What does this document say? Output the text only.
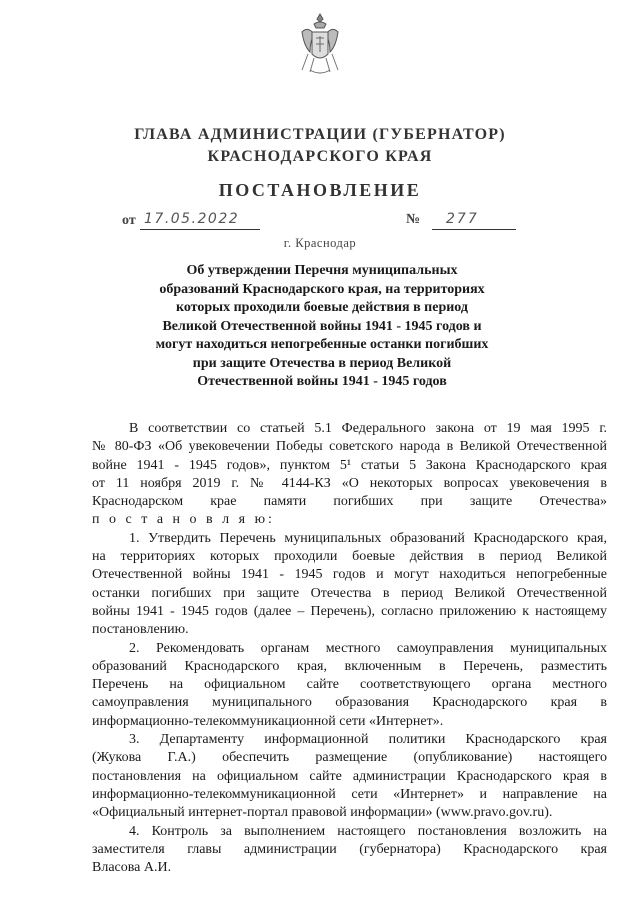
ГЛАВА АДМИНИСТРАЦИИ (ГУБЕРНАТОР)
КРАСНОДАРСКОГО КРАЯ
ПОСТАНОВЛЕНИЕ
от 17.05.2022	№ 277
г. Краснодар
Об утверждении Перечня муниципальных
образований Краснодарского края, на территориях
которых проходили боевые действия в период
Великой Отечественной войны 1941 - 1945 годов и
могут находиться непогребенные останки погибших
при защите Отечества в период Великой
Отечественной войны 1941 - 1945 годов
В соответствии со статьей 5.1 Федерального закона от 19 мая 1995 г.
№ 80-ФЗ «Об увековечении Победы советского народа в Великой Отечественной
войне 1941 - 1945 годов», пунктом 5¹ статьи 5 Закона Краснодарского края
от 11 ноября 2019 г. № 4144-КЗ «О некоторых вопросах увековечения в
Краснодарском крае памяти погибших при защите Отечества»
п о с т а н о в л я ю:
1. Утвердить Перечень муниципальных образований Краснодарского края,
на территориях которых проходили боевые действия в период Великой
Отечественной войны 1941 - 1945 годов и могут находиться непогребенные
останки погибших при защите Отечества в период Великой Отечественной
войны 1941 - 1945 годов (далее – Перечень), согласно приложению к настоящему
постановлению.
2. Рекомендовать органам местного самоуправления муниципальных
образований Краснодарского края, включенным в Перечень, разместить
Перечень на официальном сайте соответствующего органа местного
самоуправления муниципального образования Краснодарского края в
информационно-телекоммуникационной сети «Интернет».
3. Департаменту информационной политики Краснодарского края
(Жукова Г.А.) обеспечить размещение (опубликование) настоящего
постановления на официальном сайте администрации Краснодарского края в
информационно-телекоммуникационной сети «Интернет» и направление на
«Официальный интернет-портал правовой информации» (www.pravo.gov.ru).
4. Контроль за выполнением настоящего постановления возложить на
заместителя главы администрации (губернатора) Краснодарского края
Власова А.И.
